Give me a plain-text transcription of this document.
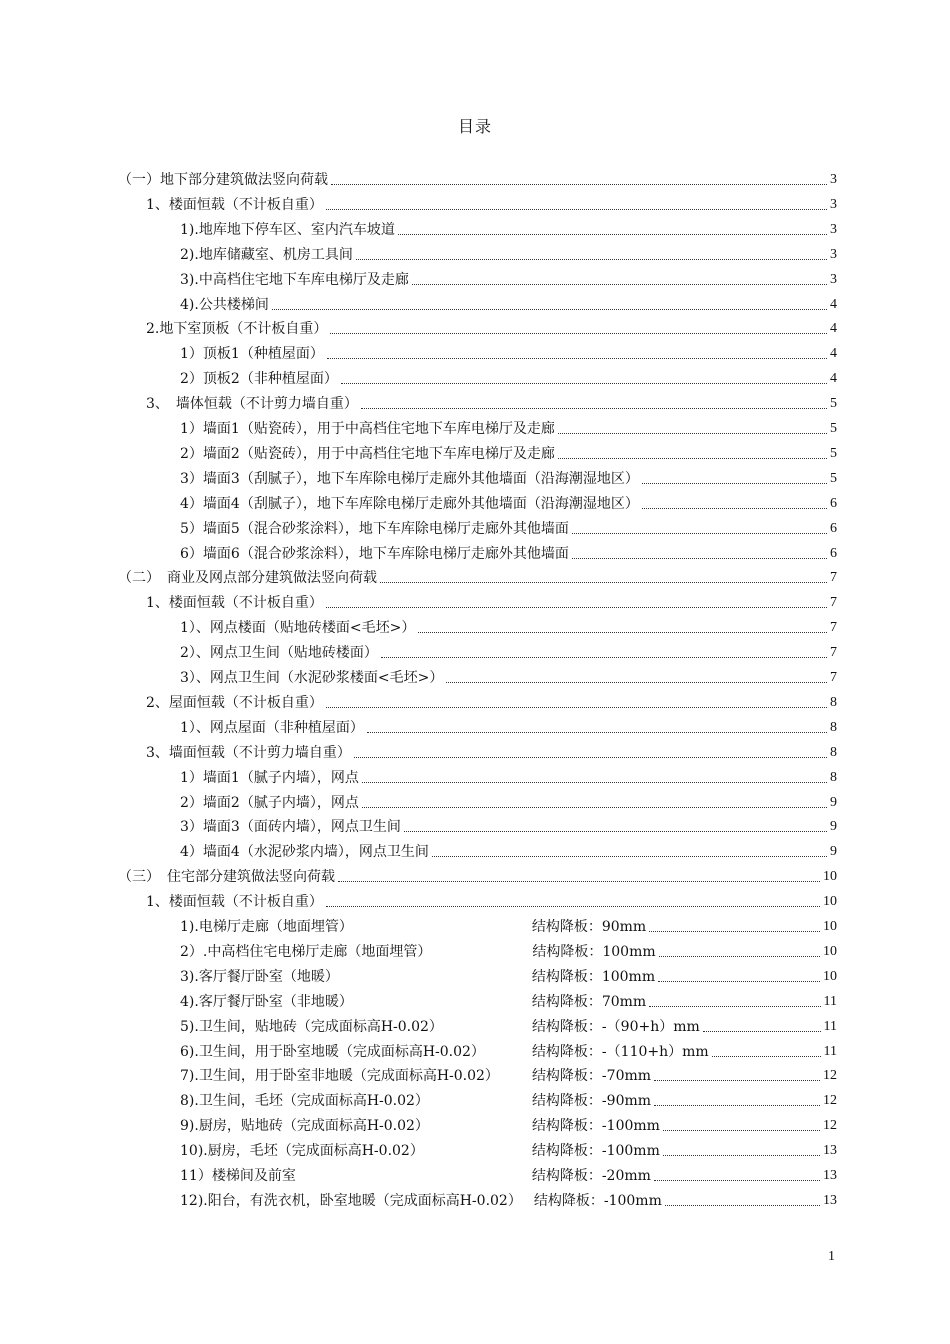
目录
（一）地下部分建筑做法竖向荷载	3
1、楼面恒载（不计板自重）	3
1).地库地下停车区、室内汽车坡道	3
2).地库储藏室、机房工具间	3
3).中高档住宅地下车库电梯厅及走廊	3
4).公共楼梯间	4
2.地下室顶板（不计板自重）	4
1）顶板1（种植屋面）	4
2）顶板2（非种植屋面）	4
3、　墙体恒载（不计剪力墙自重）	5
1）墙面1（贴瓷砖），用于中高档住宅地下车库电梯厅及走廊	5
2）墙面2（贴瓷砖），用于中高档住宅地下车库电梯厅及走廊	5
3）墙面3（刮腻子），地下车库除电梯厅走廊外其他墙面（沿海潮湿地区）	5
4）墙面4（刮腻子），地下车库除电梯厅走廊外其他墙面（沿海潮湿地区）	6
5）墙面5（混合砂浆涂料），地下车库除电梯厅走廊外其他墙面	6
6）墙面6（混合砂浆涂料），地下车库除电梯厅走廊外其他墙面	6
（二）　商业及网点部分建筑做法竖向荷载	7
1、楼面恒载（不计板自重）	7
1）、网点楼面（贴地砖楼面<毛坯>）	7
2）、网点卫生间（贴地砖楼面）	7
3）、网点卫生间（水泥砂浆楼面<毛坯>）	7
2、屋面恒载（不计板自重）	8
1）、网点屋面（非种植屋面）	8
3、墙面恒载（不计剪力墙自重）	8
1）墙面1（腻子内墙），网点	8
2）墙面2（腻子内墙），网点	9
3）墙面3（面砖内墙），网点卫生间	9
4）墙面4（水泥砂浆内墙），网点卫生间	9
（三）　住宅部分建筑做法竖向荷载	10
1、楼面恒载（不计板自重）	10
1).电梯厅走廊（地面埋管）	结构降板：90mm	10
2）.中高档住宅电梯厅走廊（地面埋管）	结构降板：100mm	10
3).客厅餐厅卧室（地暖）	结构降板：100mm	10
4).客厅餐厅卧室（非地暖）	结构降板：70mm	11
5).卫生间，贴地砖（完成面标高H-0.02）	结构降板：-（90+h）mm	11
6).卫生间，用于卧室地暖（完成面标高H-0.02）	结构降板：-（110+h）mm	11
7).卫生间，用于卧室非地暖（完成面标高H-0.02） 结构降板：-70mm	12
8).卫生间，毛坯（完成面标高H-0.02）	结构降板：-90mm	12
9).厨房，贴地砖（完成面标高H-0.02）	结构降板：-100mm	12
10).厨房，毛坯（完成面标高H-0.02）	结构降板：-100mm	13
11）楼梯间及前室	结构降板：-20mm	13
12).阳台，有洗衣机，卧室地暖（完成面标高H-0.02） 结构降板：-100mm	13
1
